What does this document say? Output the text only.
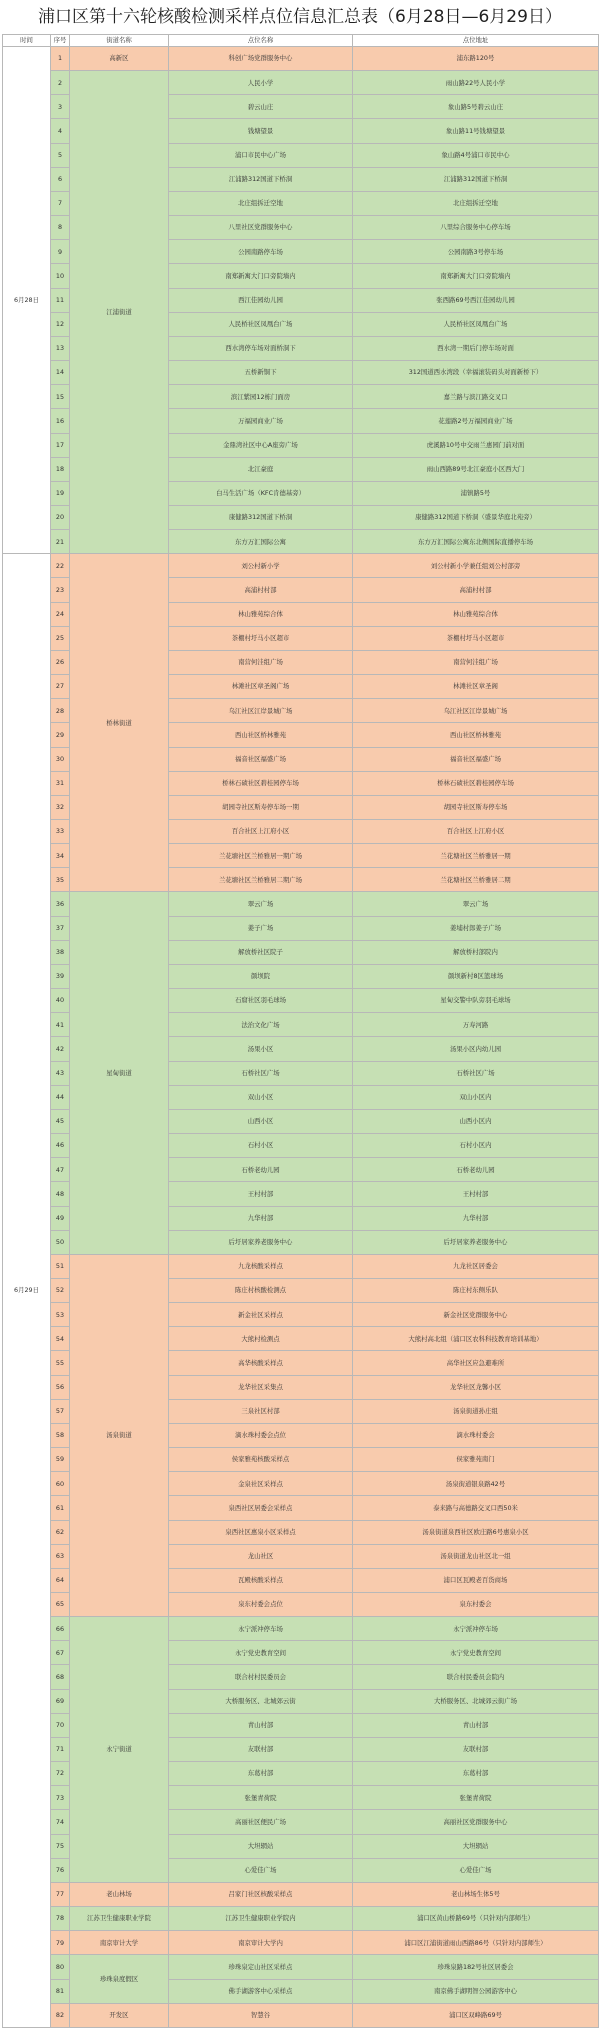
浦口区第十六轮核酸检测采样点位信息汇总表（6月28日—6月29日）
时间	序号	街道名称	点位名称	点位地址
6月28日	1	高新区	科创广场党群服务中心	浦东路120号
	2	江浦街道	人民小学	雨山路22号人民小学
	3		碧云山庄	象山路5号碧云山庄
	4		钱塘望景	象山路11号钱塘望景
	5		浦口市民中心广场	象山路4号浦口市民中心
	6		江浦路312国道下桥洞	江浦路312国道下桥洞
	7		北庄组拆迁空地	北庄组拆迁空地
	8		八里社区党群服务中心	八里综合服务中心停车场
	9		公园南路停车场	公园南路3号停车场
	10		南郑新寓大门口旁院墙内	南郑新寓大门口旁院墙内
	11		西江佳园幼儿园	张西路69号西江佳园幼儿园
	12		人民桥社区凤凰台广场	人民桥社区凤凰台广场
	13		西水湾停车场对面桥洞下	西水湾一期后门停车场对面
	14		五桥新铜下	312国道西水湾段（幸福滚装码头对面新桥下）
	15		滨江紫园12栋门面房	嘉兰路与滨江路交叉口
	16		万福园商业广场	花莲路2号万福园商业广场
	17		金鼎湾社区中心A座旁广场	虎溪路10号中交雨兰惠园门前对面
	18		北江豪庭	雨山西路89号北江豪庭小区西大门
	19		白马生活广场（KFC肯德基旁）	浦镇路5号
	20		康健路312国道下桥洞	康健路312国道下桥洞（盛景华庭北苑旁）
	21		东方万汇国际公寓	东方万汇国际公寓东北侧国际直播停车场
6月29日	22	桥林街道	刘公村新小学	刘公村新小学兼任组刘公村部旁
	23		高浦村村部	高浦村村部
	24		林山雅苑综合体	林山雅苑综合体
	25		茶棚村圩马小区超市	茶棚村圩马小区超市
	26		南营何洼组广场	南营何洼组广场
	27		林滩社区章圣阁广场	林滩社区章圣阁
	28		乌江社区江岸景城广场	乌江社区江岸景城广场
	29		西山社区桥林雅苑	西山社区桥林雅苑
	30		福音社区福盛广场	福音社区福盛广场
	31		桥林石碛社区碧桂园停车场	桥林石碛社区碧桂园停车场
	32		胡园寺社区斯寿停车场一期	胡园寺社区斯寿停车场
	33		百合社区上江府小区	百合社区上江府小区
	34		兰花塘社区兰桥雅居一期广场	兰花塘社区兰桥雅居一期
	35		兰花塘社区兰桥雅居二期广场	兰花塘社区兰桥雅居二期
	36	星甸街道	翠云广场	翠云广场
	37		姜子广场	姜埔村郎姜子广场
	38		解放桥社区院子	解放桥村部院内
	39		颜坝院	颜坝新村8区篮球场
	40		石窟社区羽毛球场	星甸交警中队旁羽毛球场
	41		法治文化广场	万寿河路
	42		汤果小区	汤果小区内幼儿园
	43		石桥社区广场	石桥社区广场
	44		双山小区	双山小区内
	45		山西小区	山西小区内
	46		石村小区	石村小区内
	47		石桥老幼儿园	石桥老幼儿园
	48		王村村部	王村村部
	49		九华村部	九华村部
	50		后圩居家养老服务中心	后圩居家养老服务中心
	51	汤泉街道	九龙核酸采样点	九龙社区居委会
	52		陈庄村核酸检测点	陈庄村东侧乐队
	53		新金社区采样点	新金社区党群服务中心
	54		大熊村检测点	大熊村高北组（浦口区农科科技教育培训基地）
	55		高华核酸采样点	高华社区应急避难所
	56		龙华社区采集点	龙华社区龙馨小区
	57		三泉社区村部	汤泉街道孙庄组
	58		滴水珠村委会点位	滴水珠村委会
	59		侯家雅苑核酸采样点	侯家雅苑南门
	60		金泉社区采样点	汤泉街道银泉路42号
	61		泉西社区居委会采样点	泰来路与高德路交叉口西50米
	62		泉西社区惠泉小区采样点	汤泉街道泉西社区欧庄路6号惠泉小区
	63		龙山社区	汤泉街道龙山社区北一组
	64		瓦殿核酸采样点	浦口区瓦殿老百货商场
	65		泉东村委会点位	泉东村委会
	66	永宁街道	永宁派冲停车场	永宁派冲停车场
	67		永宁党史教育空间	永宁党史教育空间
	68		联合村村民委员会	联合村民委员会院内
	69		大桥服务区、北城郊云街	大桥服务区、北城郊云街广场
	70		青山村部	青山村部
	71		友联村部	友联村部
	72		东葛村部	东葛村部
	73		张堡青荷院	张堡青荷院
	74		高丽社区便民广场	高丽社区党群服务中心
	75		大坦辋站	大坦辋站
	76		心爱佳广场	心爱佳广场
	77	老山林场	吕家门社区核酸采样点	老山林场生体5号
	78	江苏卫生健康职业学院	江苏卫生健康职业学院内	浦口区黄山桥路69号（只针对内部师生）
	79	南京审计大学	南京审计大学内	浦口区江浦街道雨山西路86号（只针对内部师生）
	80	珍珠泉度假区	珍珠泉定山社区采样点	珍珠泉路182号社区居委会
	81		佛手湖游客中心采样点	南京佛手湖明智公园游客中心
	82	开发区	智慧谷	浦口区双峰路69号
